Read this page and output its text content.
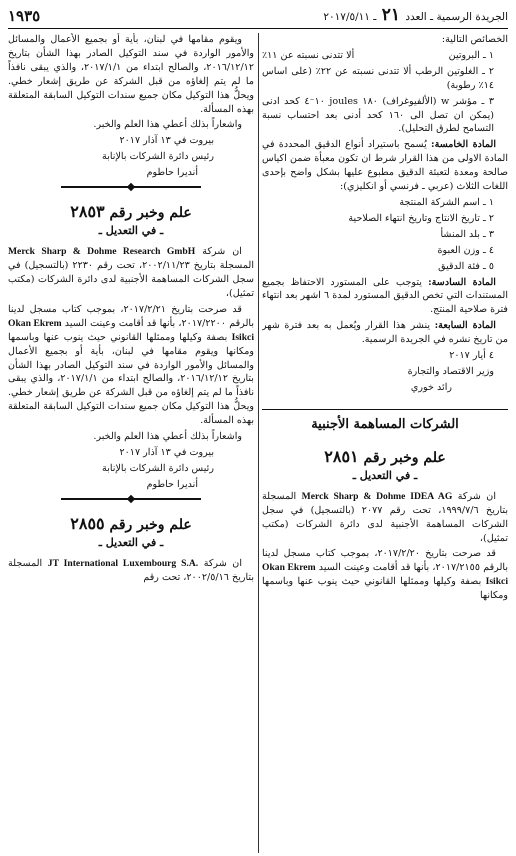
الجريدة الرسمية ـ العدد ٢١ ـ ٢٠١٧/٥/١١
١٩٣٥

الخصائص التالية:

١ ـ البروتين
ألا تتدنى نسبته عن ١١٪

٢ ـ الغلوتين الرطب ألا تتدنى نسبته عن ٢٢٪ (على اساس ١٤٪ رطوبة)

٣ ـ مؤشر w (الألفيوغراف) ١٨٠ joules ١٠⁻٤ كحد ادنى (يمكن ان تصل الى ١٦٠ كحد أدنى بعد احتساب نسبة التسامح لطرق التحليل).

المادة الخامسة: يُسمح باستيراد أنواع الدقيق المحددة في المادة الاولى من هذا القرار شرط ان تكون معبأة ضمن اكياس صالحة ومعدة لتعبئة الدقيق مطبوع عليها بشكل واضح بإحدى اللغات الثلاث (عربي ـ فرنسي أو انكليزي):

١ ـ اسم الشركة المنتجة

٢ ـ تاريخ الانتاج وتاريخ انتهاء الصلاحية

٣ ـ بلد المنشأ

٤ ـ وزن العبوة

٥ ـ فئة الدقيق

المادة السادسة: يتوجب على المستورد الاحتفاظ بجميع المستندات التي تخص الدقيق المستورد لمدة ٦ اشهر بعد انتهاء فترة صلاحية المنتج.

المادة السابعة: ينشر هذا القرار ويُعمل به بعد فترة شهر من تاريخ نشره في الجريدة الرسمية.

٤ أيار ٢٠١٧

وزير الاقتصاد والتجارة

رائد خوري

الشركات المساهمة الأجنبية
علم وخبر رقم ٢٨٥١
ـ في التعديل ـ

ان شركة Merck Sharp & Dohme IDEA AG المسجلة بتاريخ ١٩٩٩/٧/٦، تحت رقم ٢٠٧٧ (بالتسجيل) في سجل الشركات المساهمة الأجنبية لدى دائرة الشركات (مكتب تمثيل)،

قد صرحت بتاريخ ٢٠١٧/٢/٢٠، بموجب كتاب مسجل لدينا بالرقم ٢٠١٧/٢١٥٥، بأنها قد أقامت وعينت السيد Okan Ekrem Isikci بصفة وكيلها وممثلها القانوني حيث ينوب عنها وباسمها ومكانها

ويقوم مقامها في لبنان، بأية أو بجميع الأعمال والمسائل والأمور الواردة في سند التوكيل الصادر بهذا الشأن بتاريخ ٢٠١٦/١٢/١٢، والصالح ابتداء من ٢٠١٧/١/١، والذي يبقى نافذاً ما لم يتم إلغاؤه من قبل الشركة عن طريق إشعار خطي. ويحلُّ هذا التوكيل مكان جميع سندات التوكيل السابقة المتعلقة بهذه المسألة.

واشعاراً بذلك أعطي هذا العلم والخبر.

بيروت في ١٣ آذار ٢٠١٧

رئيس دائرة الشركات بالإنابة

أنديرا حاطوم

علم وخبر رقم ٢٨٥٣
ـ في التعديل ـ

ان شركة Merck Sharp & Dohme Research GmbH المسجلة بتاريخ ٢٠٠٢/١١/٢٣، تحت رقم ٢٢٣٠ (بالتسجيل) في سجل الشركات المساهمة الأجنبية لدى دائرة الشركات (مكتب تمثيل)،

قد صرحت بتاريخ ٢٠١٧/٢/٢١، بموجب كتاب مسجل لدينا بالرقم ٢٠١٧/٢٢٠٠، بأنها قد أقامت وعينت السيد Okan Ekrem Isikci بصفة وكيلها وممثلها القانوني حيث ينوب عنها وباسمها ومكانها ويقوم مقامها في لبنان، بأية أو بجميع الأعمال والمسائل والأمور الواردة في سند التوكيل الصادر بهذا الشأن بتاريخ ٢٠١٦/١٢/١٢، والصالح ابتداء من ٢٠١٧/١/١، والذي يبقى نافذاً ما لم يتم إلغاؤه من قبل الشركة عن طريق إشعار خطي. ويحلُّ هذا التوكيل مكان جميع سندات التوكيل السابقة المتعلقة بهذه المسألة.

واشعاراً بذلك أعطي هذا العلم والخبر.

بيروت في ١٣ آذار ٢٠١٧

رئيس دائرة الشركات بالإنابة

أنديرا حاطوم

علم وخبر رقم ٢٨٥٥
ـ في التعديل ـ

ان شركة JT International Luxembourg S.A. المسجلة بتاريخ ٢٠٠٢/٥/١٦، تحت رقم
